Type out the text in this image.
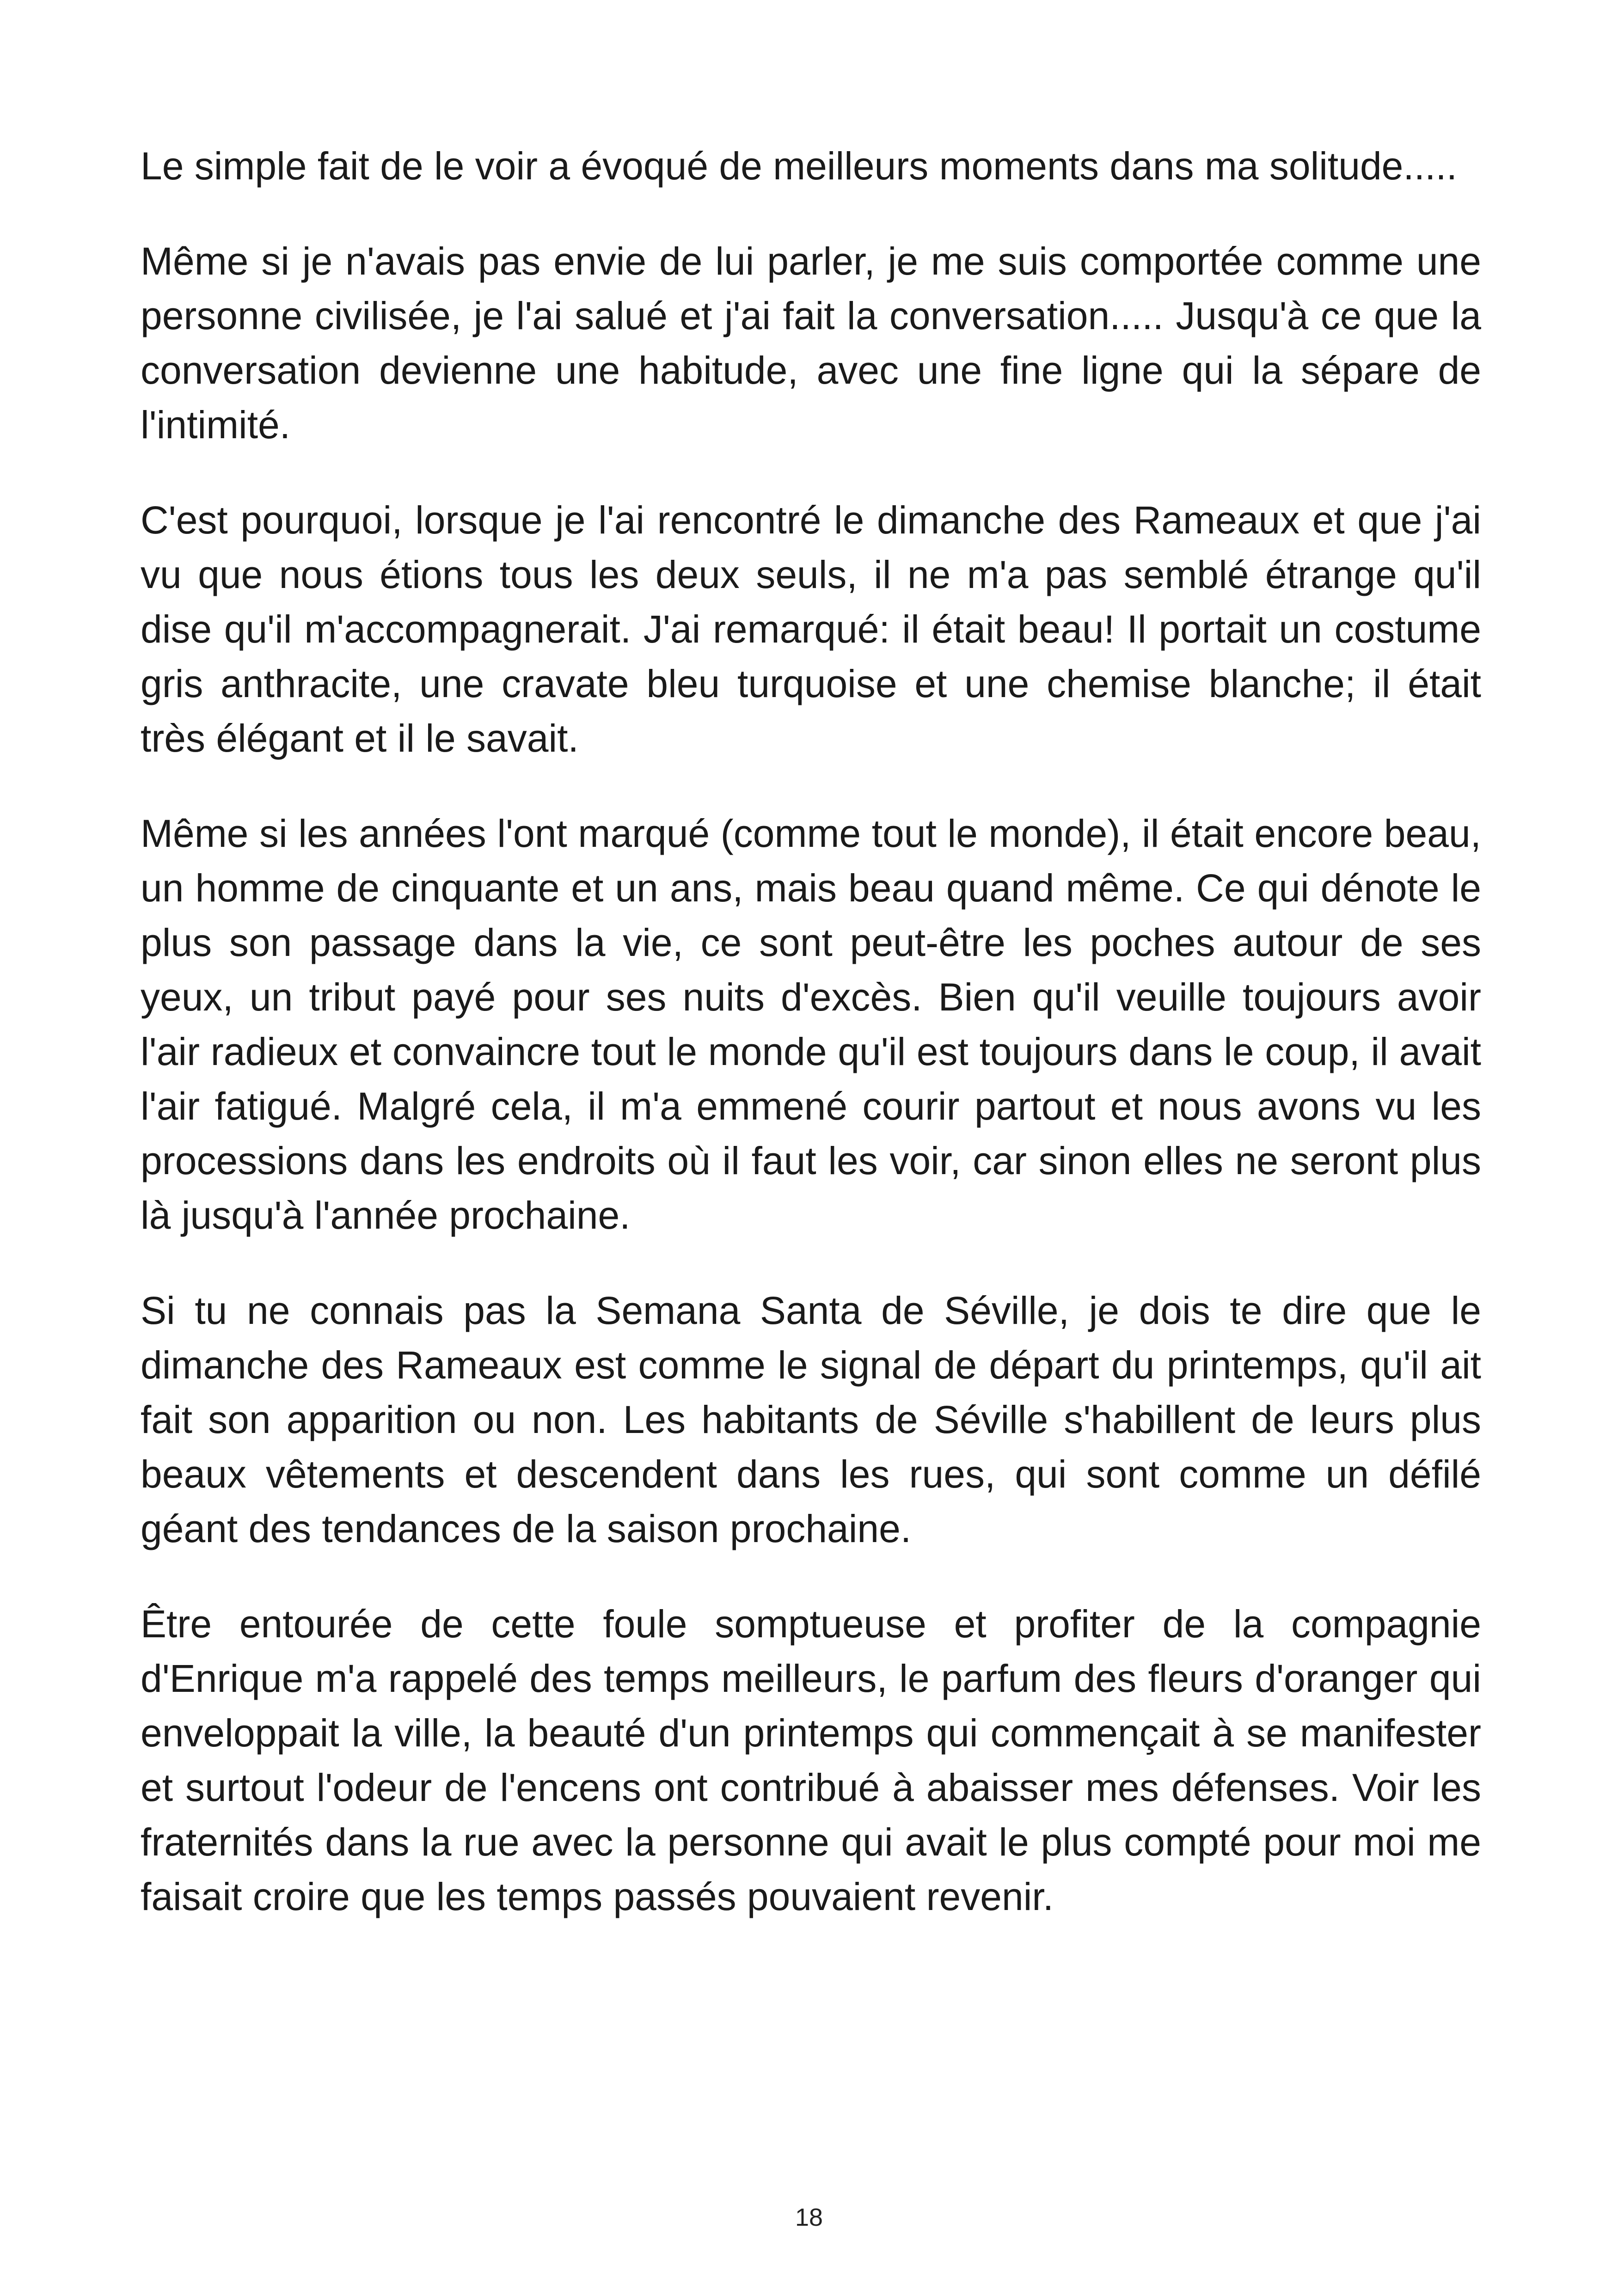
Le simple fait de le voir a évoqué de meilleurs moments dans ma solitude.....

Même si je n'avais pas envie de lui parler, je me suis comportée comme une personne civilisée, je l'ai salué et j'ai fait la conversation..... Jusqu'à ce que la conversation devienne une habitude, avec une fine ligne qui la sépare de l'intimité.

C'est pourquoi, lorsque je l'ai rencontré le dimanche des Rameaux et que j'ai vu que nous étions tous les deux seuls, il ne m'a pas semblé étrange qu'il dise qu'il m'accompagnerait. J'ai remarqué: il était beau! Il portait un costume gris anthracite, une cravate bleu turquoise et une chemise blanche; il était très élégant et il le savait.

Même si les années l'ont marqué (comme tout le monde), il était encore beau, un homme de cinquante et un ans, mais beau quand même. Ce qui dénote le plus son passage dans la vie, ce sont peut-être les poches autour de ses yeux, un tribut payé pour ses nuits d'excès. Bien qu'il veuille toujours avoir l'air radieux et convaincre tout le monde qu'il est toujours dans le coup, il avait l'air fatigué. Malgré cela, il m'a emmené courir partout et nous avons vu les processions dans les endroits où il faut les voir, car sinon elles ne seront plus là jusqu'à l'année prochaine.

Si tu ne connais pas la Semana Santa de Séville, je dois te dire que le dimanche des Rameaux est comme le signal de départ du printemps, qu'il ait fait son apparition ou non. Les habitants de Séville s'habillent de leurs plus beaux vêtements et descendent dans les rues, qui sont comme un défilé géant des tendances de la saison prochaine.

Être entourée de cette foule somptueuse et profiter de la compagnie d'Enrique m'a rappelé des temps meilleurs, le parfum des fleurs d'oranger qui enveloppait la ville, la beauté d'un printemps qui commençait à se manifester et surtout l'odeur de l'encens ont contribué à abaisser mes défenses. Voir les fraternités dans la rue avec la personne qui avait le plus compté pour moi me faisait croire que les temps passés pouvaient revenir.

18
